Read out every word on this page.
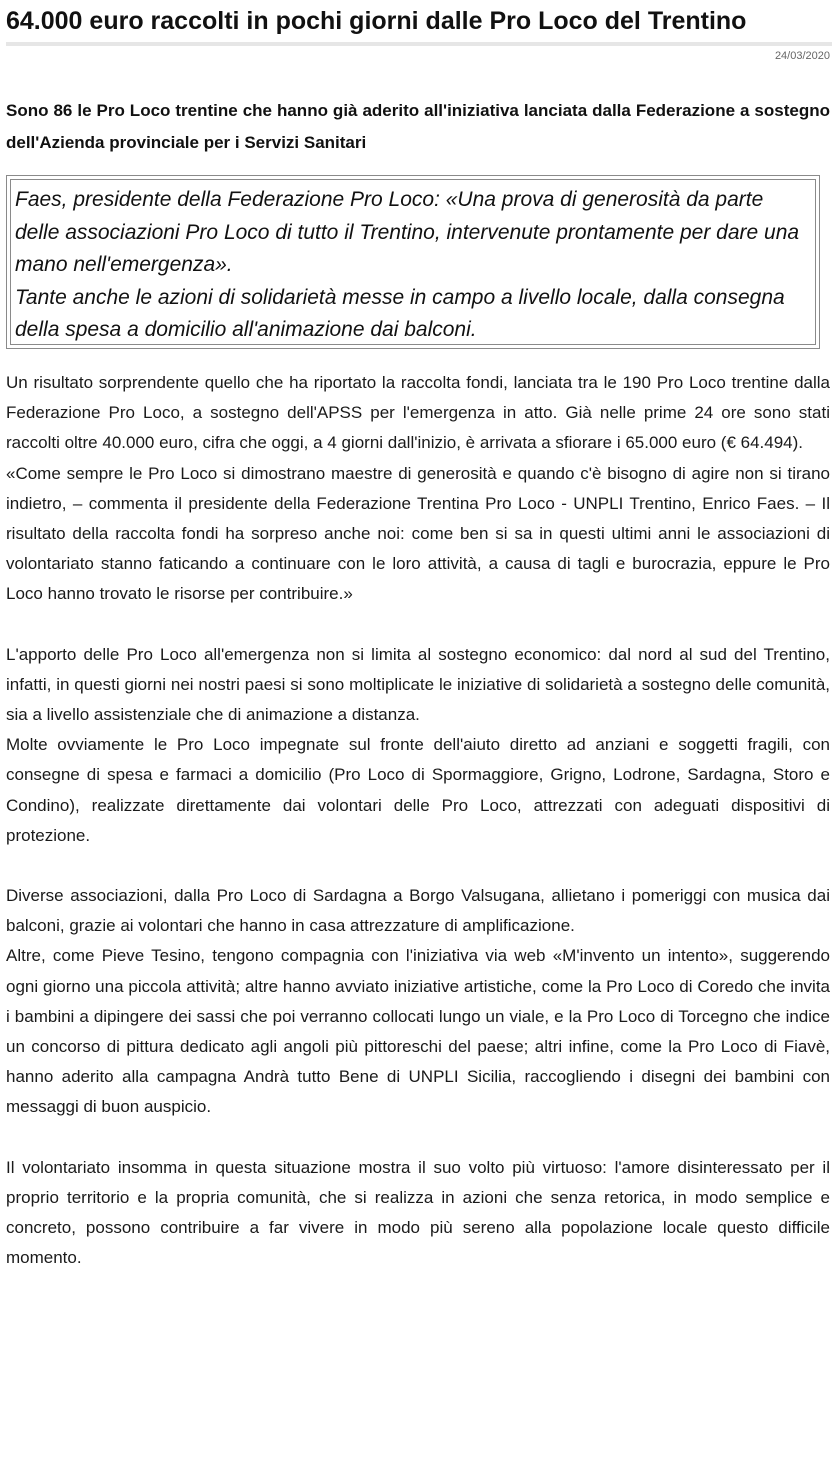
64.000 euro raccolti in pochi giorni dalle Pro Loco del Trentino
24/03/2020

Sono 86 le Pro Loco trentine che hanno già aderito all'iniziativa lanciata dalla Federazione a sostegno dell'Azienda provinciale per i Servizi Sanitari

Faes, presidente della Federazione Pro Loco: «Una prova di generosità da parte delle associazioni Pro Loco di tutto il Trentino, intervenute prontamente per dare una mano nell'emergenza».

Tante anche le azioni di solidarietà messe in campo a livello locale, dalla consegna della spesa a domicilio all'animazione dai balconi.

Un risultato sorprendente quello che ha riportato la raccolta fondi, lanciata tra le 190 Pro Loco trentine dalla Federazione Pro Loco, a sostegno dell'APSS per l'emergenza in atto. Già nelle prime 24 ore sono stati raccolti oltre 40.000 euro, cifra che oggi, a 4 giorni dall'inizio, è arrivata a sfiorare i 65.000 euro (€ 64.494).

«Come sempre le Pro Loco si dimostrano maestre di generosità e quando c'è bisogno di agire non si tirano indietro, – commenta il presidente della Federazione Trentina Pro Loco - UNPLI Trentino, Enrico Faes. – Il risultato della raccolta fondi ha sorpreso anche noi: come ben si sa in questi ultimi anni le associazioni di volontariato stanno faticando a continuare con le loro attività, a causa di tagli e burocrazia, eppure le Pro Loco hanno trovato le risorse per contribuire.»

L'apporto delle Pro Loco all'emergenza non si limita al sostegno economico: dal nord al sud del Trentino, infatti, in questi giorni nei nostri paesi si sono moltiplicate le iniziative di solidarietà a sostegno delle comunità, sia a livello assistenziale che di animazione a distanza.

Molte ovviamente le Pro Loco impegnate sul fronte dell'aiuto diretto ad anziani e soggetti fragili, con consegne di spesa e farmaci a domicilio (Pro Loco di Spormaggiore, Grigno, Lodrone, Sardagna, Storo e Condino), realizzate direttamente dai volontari delle Pro Loco, attrezzati con adeguati dispositivi di protezione.

Diverse associazioni, dalla Pro Loco di Sardagna a Borgo Valsugana, allietano i pomeriggi con musica dai balconi, grazie ai volontari che hanno in casa attrezzature di amplificazione.

Altre, come Pieve Tesino, tengono compagnia con l'iniziativa via web «M'invento un intento», suggerendo ogni giorno una piccola attività; altre hanno avviato iniziative artistiche, come la Pro Loco di Coredo che invita i bambini a dipingere dei sassi che poi verranno collocati lungo un viale, e la Pro Loco di Torcegno che indice un concorso di pittura dedicato agli angoli più pittoreschi del paese; altri infine, come la Pro Loco di Fiavè, hanno aderito alla campagna Andrà tutto Bene di UNPLI Sicilia, raccogliendo i disegni dei bambini con messaggi di buon auspicio.

Il volontariato insomma in questa situazione mostra il suo volto più virtuoso: l'amore disinteressato per il proprio territorio e la propria comunità, che si realizza in azioni che senza retorica, in modo semplice e concreto, possono contribuire a far vivere in modo più sereno alla popolazione locale questo difficile momento.
